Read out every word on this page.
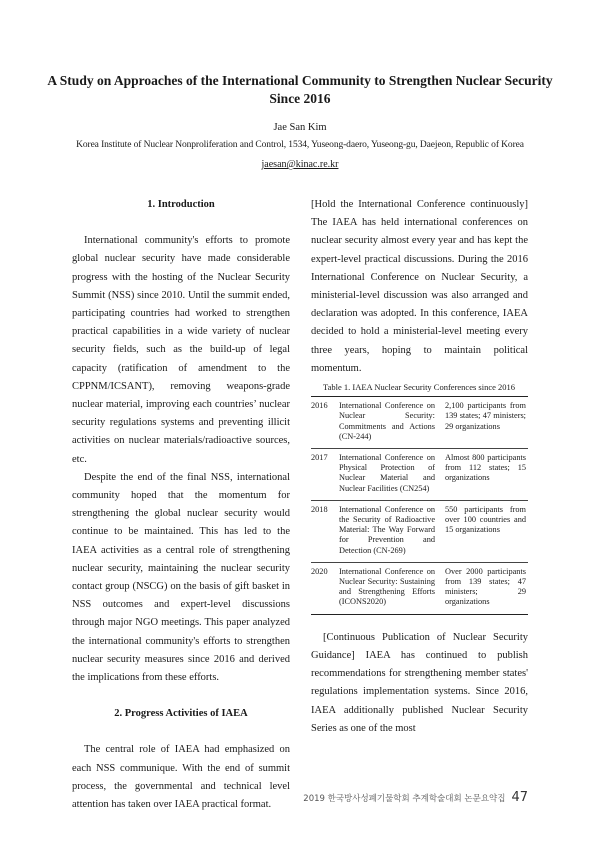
A Study on Approaches of the International Community to Strengthen Nuclear Security Since 2016
Jae San Kim
Korea Institute of Nuclear Nonproliferation and Control, 1534, Yuseong-daero, Yuseong-gu, Daejeon, Republic of Korea
jaesan@kinac.re.kr
1. Introduction

International community's efforts to promote global nuclear security have made considerable progress with the hosting of the Nuclear Security Summit (NSS) since 2010. Until the summit ended, participating countries had worked to strengthen practical capabilities in a wide variety of nuclear security fields, such as the build-up of legal capacity (ratification of amendment to the CPPNM/ICSANT), removing weapons-grade nuclear material, improving each countries’ nuclear security regulations systems and preventing illicit activities on nuclear materials/radioactive sources, etc.

Despite the end of the final NSS, international community hoped that the momentum for strengthening the global nuclear security would continue to be maintained. This has led to the IAEA activities as a central role of strengthening nuclear security, maintaining the nuclear security contact group (NSCG) on the basis of gift basket in NSS outcomes and expert-level discussions through major NGO meetings. This paper analyzed the international community's efforts to strengthen nuclear security measures since 2016 and derived the implications from these efforts.

2. Progress Activities of IAEA

The central role of IAEA had emphasized on each NSS communique. With the end of summit process, the governmental and technical level attention has taken over IAEA practical format.

[Hold the International Conference continuously] The IAEA has held international conferences on nuclear security almost every year and has kept the expert-level practical discussions. During the 2016 International Conference on Nuclear Security, a ministerial-level discussion was also arranged and declaration was adopted. In this conference, IAEA decided to hold a ministerial-level meeting every three years, hoping to maintain political momentum.

Table 1. IAEA Nuclear Security Conferences since 2016

2016	International Conference on Nuclear Security: Commitments and Actions (CN-244)	2,100 participants from 139 states; 47 ministers; 29 organizations
2017	International Conference on Physical Protection of Nuclear Material and Nuclear Facilities (CN254)	Almost 800 participants from 112 states; 15 organizations
2018	International Conference on the Security of Radioactive Material: The Way Forward for Prevention and Detection (CN-269)	550 participants from over 100 countries and 15 organizations
2020	International Conference on Nuclear Security: Sustaining and Strengthening Efforts (ICONS2020)	Over 2000 participants from 139 states; 47 ministers; 29 organizations

[Continuous Publication of Nuclear Security Guidance] IAEA has continued to publish recommendations for strengthening member states' regulations implementation systems. Since 2016, IAEA additionally published Nuclear Security Series as one of the most

2019 한국방사성폐기물학회 추계학술대회 논문요약집 47
